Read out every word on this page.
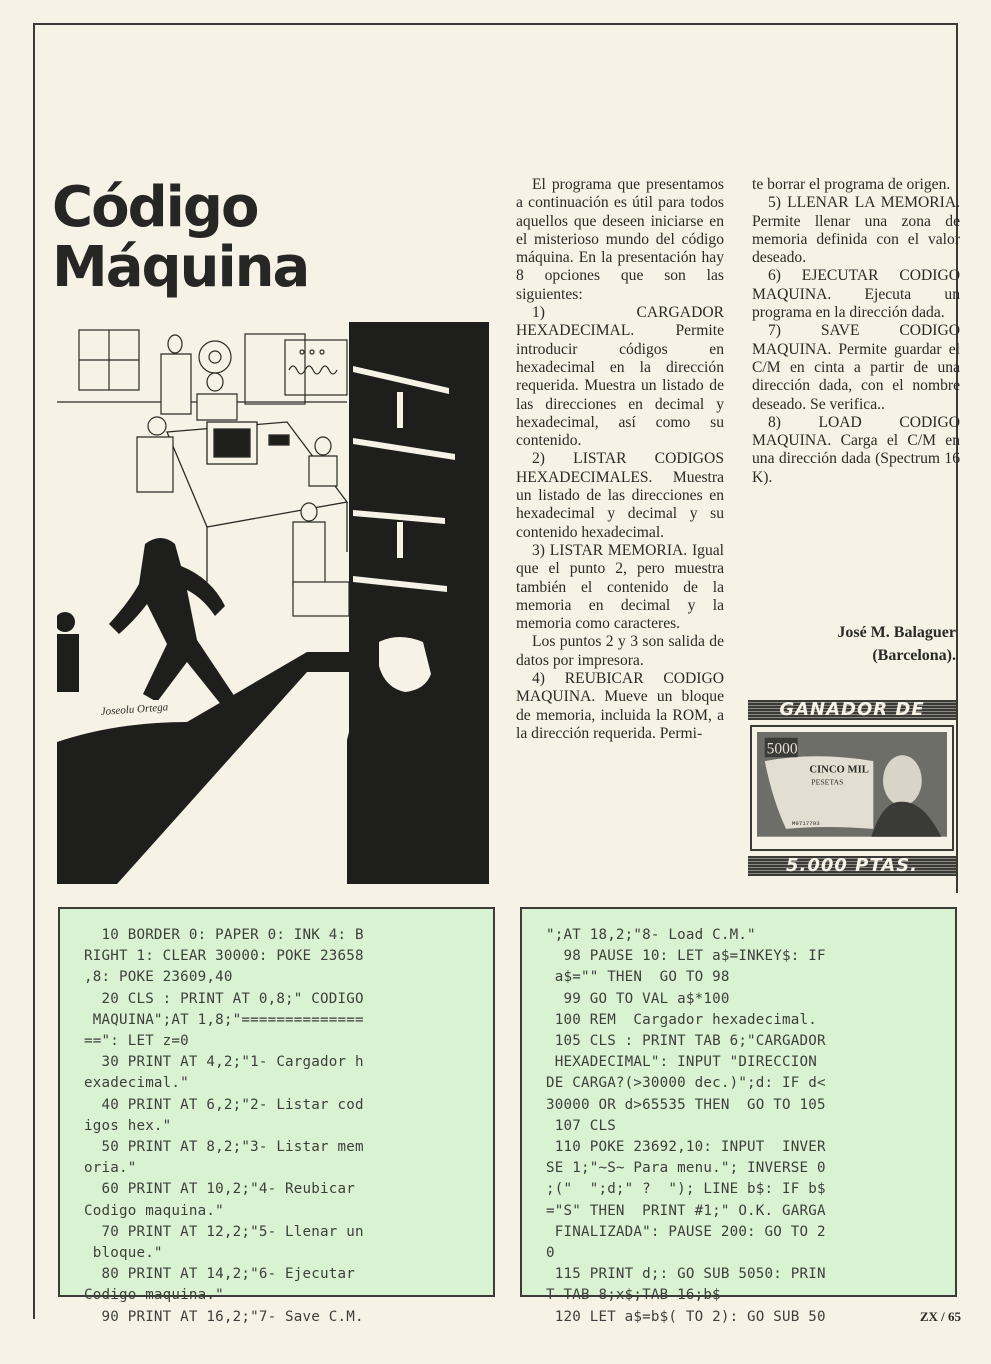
Código
Máquina
Joseolu Ortega

El programa que presentamos a continuación es útil para todos aquellos que deseen iniciarse en el misterioso mundo del código máquina. En la presentación hay 8 opciones que son las siguientes:

1) CARGADOR HEXADECIMAL. Permite introducir códigos en hexadecimal en la dirección requerida. Muestra un listado de las direcciones en decimal y hexadecimal, así como su contenido.

2) LISTAR CODIGOS HEXADECIMALES. Muestra un listado de las direcciones en hexadecimal y decimal y su contenido hexadecimal.

3) LISTAR MEMORIA. Igual que el punto 2, pero muestra también el contenido de la memoria en decimal y la memoria como caracteres.

Los puntos 2 y 3 son salida de datos por impresora.

4) REUBICAR CODIGO MAQUINA. Mueve un bloque de memoria, incluida la ROM, a la dirección requerida. Permi-

te borrar el programa de origen.

5) LLENAR LA MEMORIA. Permite llenar una zona de memoria definida con el valor deseado.

6) EJECUTAR CODIGO MAQUINA. Ejecuta un programa en la dirección dada.

7) SAVE CODIGO MAQUINA. Permite guardar el C/M en cinta a partir de una dirección dada, con el nombre deseado. Se verifica..

8) LOAD CODIGO MAQUINA. Carga el C/M en una dirección dada (Spectrum 16 K).

José M. Balaguer
(Barcelona).
GANADOR DE
5000
CINCO MIL
PESETAS
M9717793
5.000 PTAS.
10 BORDER 0: PAPER 0: INK 4: B
RIGHT 1: CLEAR 30000: POKE 23658
,8: POKE 23609,40
20 CLS : PRINT AT 0,8;" CODIGO
MAQUINA";AT 1,8;"==============
==": LET z=0
30 PRINT AT 4,2;"1- Cargador h
exadecimal."
40 PRINT AT 6,2;"2- Listar cod
igos hex."
50 PRINT AT 8,2;"3- Listar mem
oria."
60 PRINT AT 10,2;"4- Reubicar
Codigo maquina."
70 PRINT AT 12,2;"5- Llenar un
bloque."
80 PRINT AT 14,2;"6- Ejecutar
Codigo maquina."
90 PRINT AT 16,2;"7- Save C.M.
";AT 18,2;"8- Load C.M."
98 PAUSE 10: LET a$=INKEY$: IF
a$="" THEN  GO TO 98
99 GO TO VAL a$*100
100 REM  Cargador hexadecimal.
105 CLS : PRINT TAB 6;"CARGADOR
HEXADECIMAL": INPUT "DIRECCION
DE CARGA?(>30000 dec.)";d: IF d<
30000 OR d>65535 THEN  GO TO 105
107 CLS
110 POKE 23692,10: INPUT  INVER
SE 1;"~S~ Para menu."; INVERSE 0
;("  ";d;" ?  "); LINE b$: IF b$
="S" THEN  PRINT #1;" O.K. GARGA
FINALIZADA": PAUSE 200: GO TO 2
0
115 PRINT d;: GO SUB 5050: PRIN
T TAB 8;x$;TAB 16;b$
120 LET a$=b$( TO 2): GO SUB 50	ZX / 65
